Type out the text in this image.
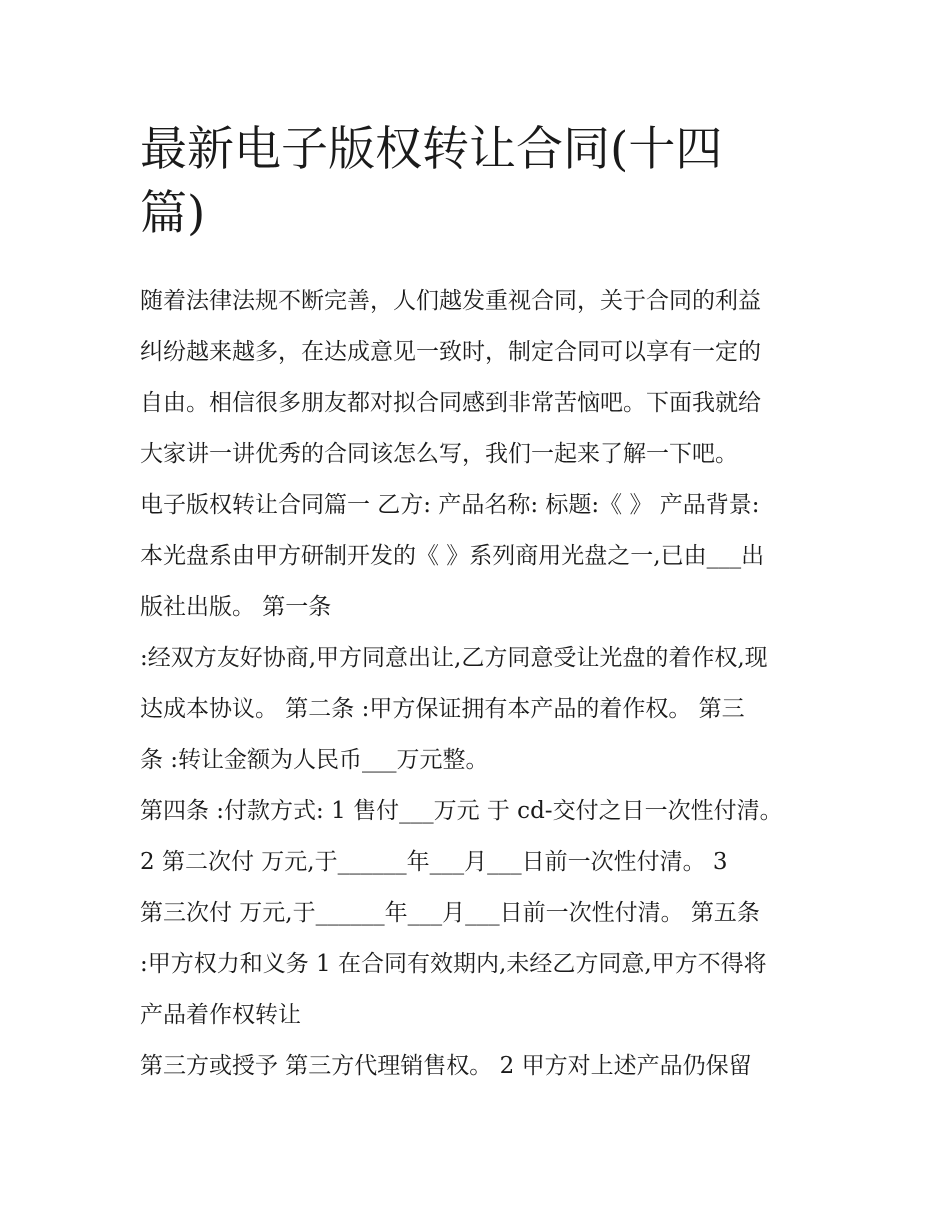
最新电子版权转让合同(十四
篇)
随着法律法规不断完善，人们越发重视合同，关于合同的利益
纠纷越来越多，在达成意见一致时，制定合同可以享有一定的
自由。相信很多朋友都对拟合同感到非常苦恼吧。下面我就给
大家讲一讲优秀的合同该怎么写，我们一起来了解一下吧。
电子版权转让合同篇一 乙方: 产品名称: 标题:《 》 产品背景:
本光盘系由甲方研制开发的《 》系列商用光盘之一,已由___出
版社出版。 第一条
:经双方友好协商,甲方同意出让,乙方同意受让光盘的着作权,现
达成本协议。 第二条 :甲方保证拥有本产品的着作权。 第三
条 :转让金额为人民币___万元整。
第四条 :付款方式: 1 售付___万元 于 cd-交付之日一次性付清。
2 第二次付 万元,于______年___月___日前一次性付清。 3
第三次付 万元,于______年___月___日前一次性付清。 第五条
:甲方权力和义务 1 在合同有效期内,未经乙方同意,甲方不得将
产品着作权转让
第三方或授予 第三方代理销售权。 2 甲方对上述产品仍保留
